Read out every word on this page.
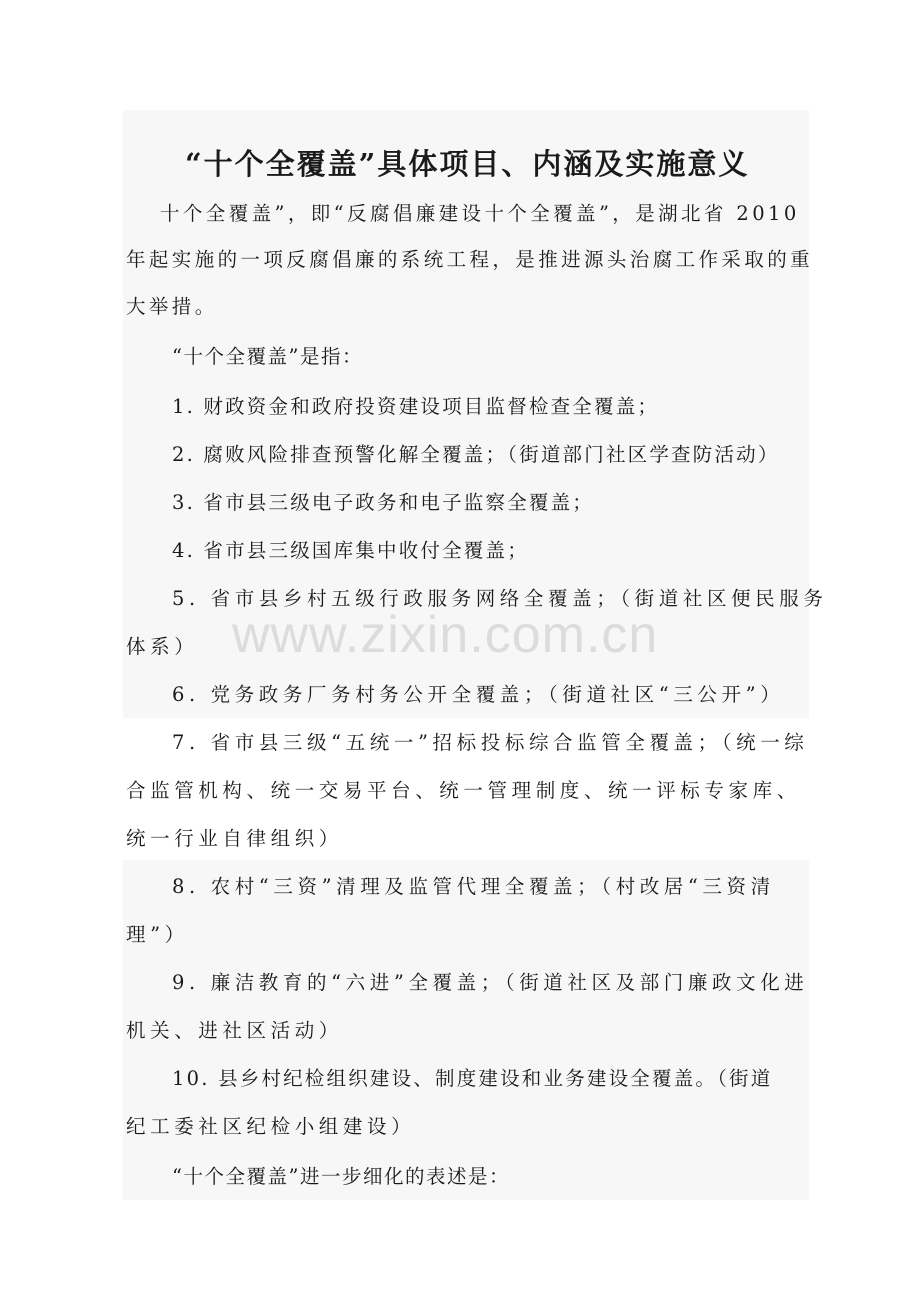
www.zixin.com.cn
“十个全覆盖”具体项目、内涵及实施意义
十个全覆盖”，即“反腐倡廉建设十个全覆盖”，是湖北省 2010
年起实施的一项反腐倡廉的系统工程，是推进源头治腐工作采取的重
大举措。
“十个全覆盖”是指：
1. 财政资金和政府投资建设项目监督检查全覆盖；
2. 腐败风险排查预警化解全覆盖；（街道部门社区学查防活动）
3. 省市县三级电子政务和电子监察全覆盖；
4. 省市县三级国库集中收付全覆盖；
5. 省市县乡村五级行政服务网络全覆盖；（街道社区便民服务
体系）
6. 党务政务厂务村务公开全覆盖；（街道社区“三公开”）
7. 省市县三级“五统一”招标投标综合监管全覆盖；（统一综
合监管机构、统一交易平台、统一管理制度、统一评标专家库、
统一行业自律组织）
8. 农村“三资”清理及监管代理全覆盖；（村改居“三资清
理”）
9. 廉洁教育的“六进”全覆盖；（街道社区及部门廉政文化进
机关、进社区活动）
10. 县乡村纪检组织建设、制度建设和业务建设全覆盖。（街道
纪工委社区纪检小组建设）
“十个全覆盖”进一步细化的表述是：
